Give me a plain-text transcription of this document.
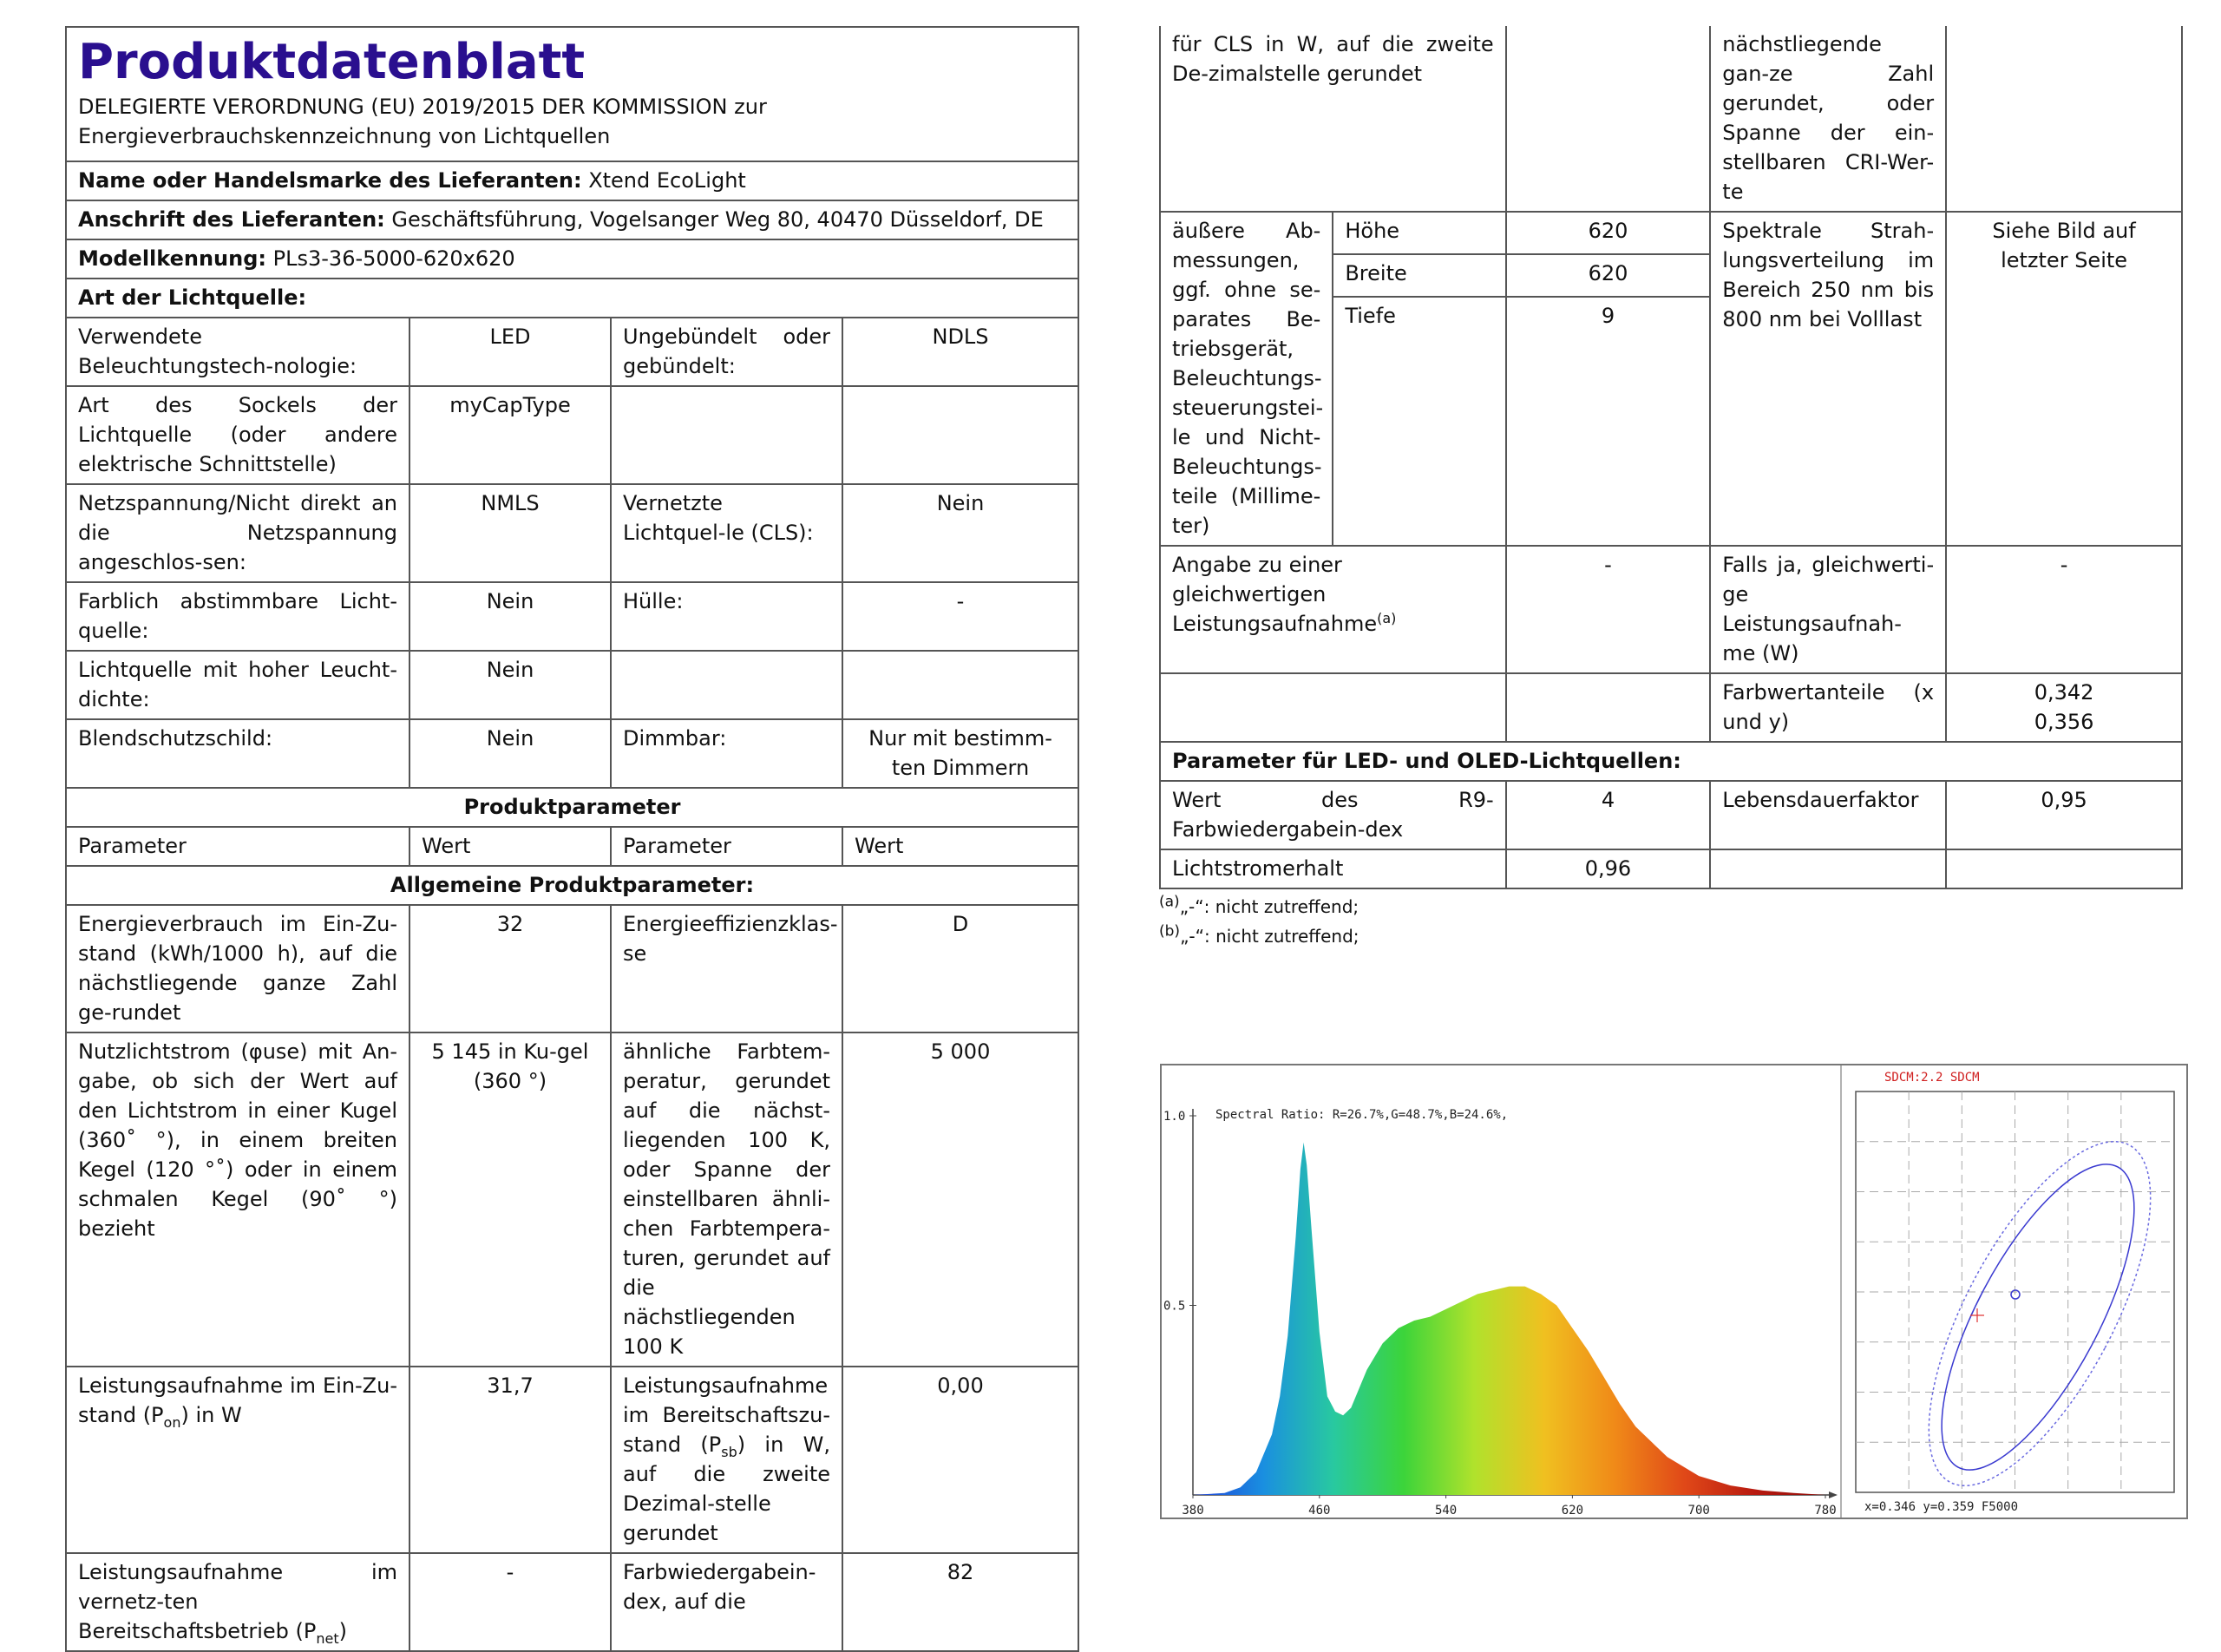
Produktdatenblatt
DELEGIERTE VERORDNUNG (EU) 2019/2015 DER KOMMISSION zur
Energieverbrauchskennzeichnung von Lichtquellen			

Name oder Handelsmarke des Lieferanten: Xtend EcoLight			
Anschrift des Lieferanten: Geschäftsführung, Vogelsanger Weg 80, 40470 Düsseldorf, DE			
Modellkennung: PLs3-36-5000-620x620			
Art der Lichtquelle:			
Verwendete Beleuchtungstech-nologie:	LED	Ungebündelt oder gebündelt:	NDLS
Art des Sockels der Lichtquelle (oder andere elektrische Schnittstelle)	myCapType		
Netzspannung/Nicht direkt an die Netzspannung angeschlos-sen:	NMLS	Vernetzte Lichtquel-le (CLS):	Nein
Farblich abstimmbare Licht-quelle:	Nein	Hülle:	-
Lichtquelle mit hoher Leucht-dichte:	Nein		
Blendschutzschild:	Nein	Dimmbar:	Nur mit bestimm-ten Dimmern
Produktparameter			
Parameter	Wert	Parameter	Wert
Allgemeine Produktparameter:			
Energieverbrauch im Ein-Zu-stand (kWh/1000 h), auf die nächstliegende ganze Zahl ge-rundet	32	Energieeffizienzklas-se	D
Nutzlichtstrom (φuse) mit An-gabe, ob sich der Wert auf den Lichtstrom in einer Kugel (360˚ °), in einem breiten Kegel (120 °˚) oder in einem schmalen Kegel (90˚ °) bezieht	5 145 in Ku-gel (360 °)	ähnliche Farbtem-peratur, gerundet auf die nächst-liegenden 100 K, oder Spanne der einstellbaren ähnli-chen Farbtempera-turen, gerundet auf die nächstliegenden 100 K	5 000
Leistungsaufnahme im Ein-Zu-stand $(P_{on})$ in W	31,7	Leistungsaufnahme im Bereitschaftszu-stand $(P_{sb})$ in W, auf die zweite Dezimal-stelle gerundet	0,00
Leistungsaufnahme im vernetz-ten Bereitschaftsbetrieb $(P_{net})$	-	Farbwiedergabein-dex, auf die	82
für CLS in W, auf die zweite De-zimalstelle gerundet			nächstliegende gan-ze Zahl gerundet, oder Spanne der ein-stellbaren CRI-Wer-te	
äußere Ab-messungen, ggf. ohne se-parates Be-triebsgerät, Beleuchtungs-steuerungstei-le und Nicht-Beleuchtungs-teile (Millime-ter)	Höhe	620	Spektrale Strah-lungsverteilung im Bereich 250 nm bis 800 nm bei Volllast	Siehe Bild auf letzter Seite
	Breite	620		
	Tiefe	9		
Angabe zu einer gleichwertigen Leistungsaufnahme$^{(a)}$		-	Falls ja, gleichwerti-ge Leistungsaufnah-me (W)	-
			Farbwertanteile (x und y)	0,342
0,356

Parameter für LED- und OLED-Lichtquellen:				
Wert des R9-Farbwiedergabein-dex		4	Lebensdauerfaktor	0,95
Lichtstromerhalt		0,96		
$^{(a)}$„-“: nicht zutreffend;
$^{(b)}$„-“: nicht zutreffend;
380	460	540	620	700	780
1.0
0.5
Spectral Ratio: R=26.7%,G=48.7%,B=24.6%,
SDCM:2.2 SDCM
x=0.346 y=0.359 F5000
